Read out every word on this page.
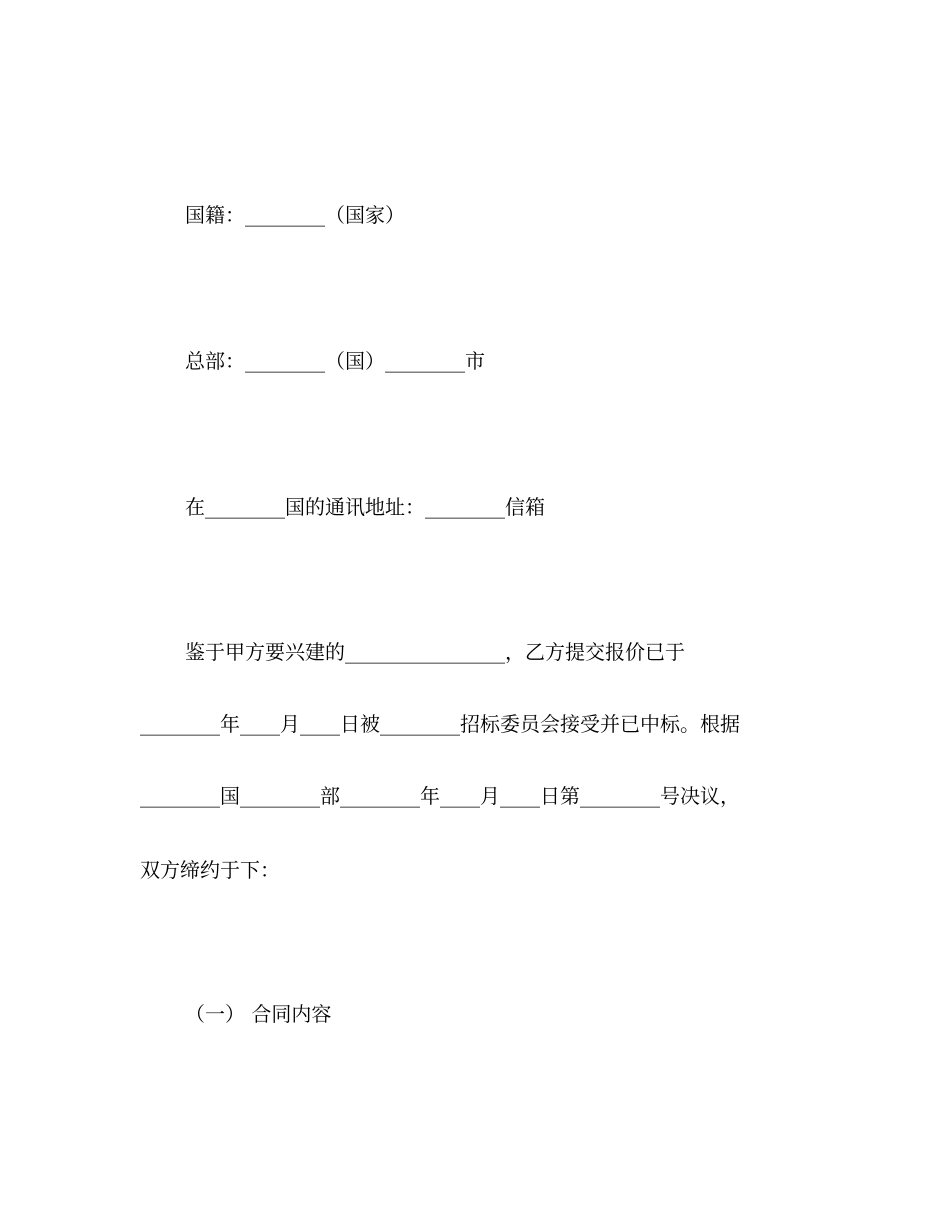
国籍：________（国家）
总部：________（国）________市
在________国的通讯地址：________信箱
鉴于甲方要兴建的________________，乙方提交报价已于
________年____月____日被________招标委员会接受并已中标。根据
________国________部________年____月____日第________号决议，
双方缔约于下：
（一） 合同内容
